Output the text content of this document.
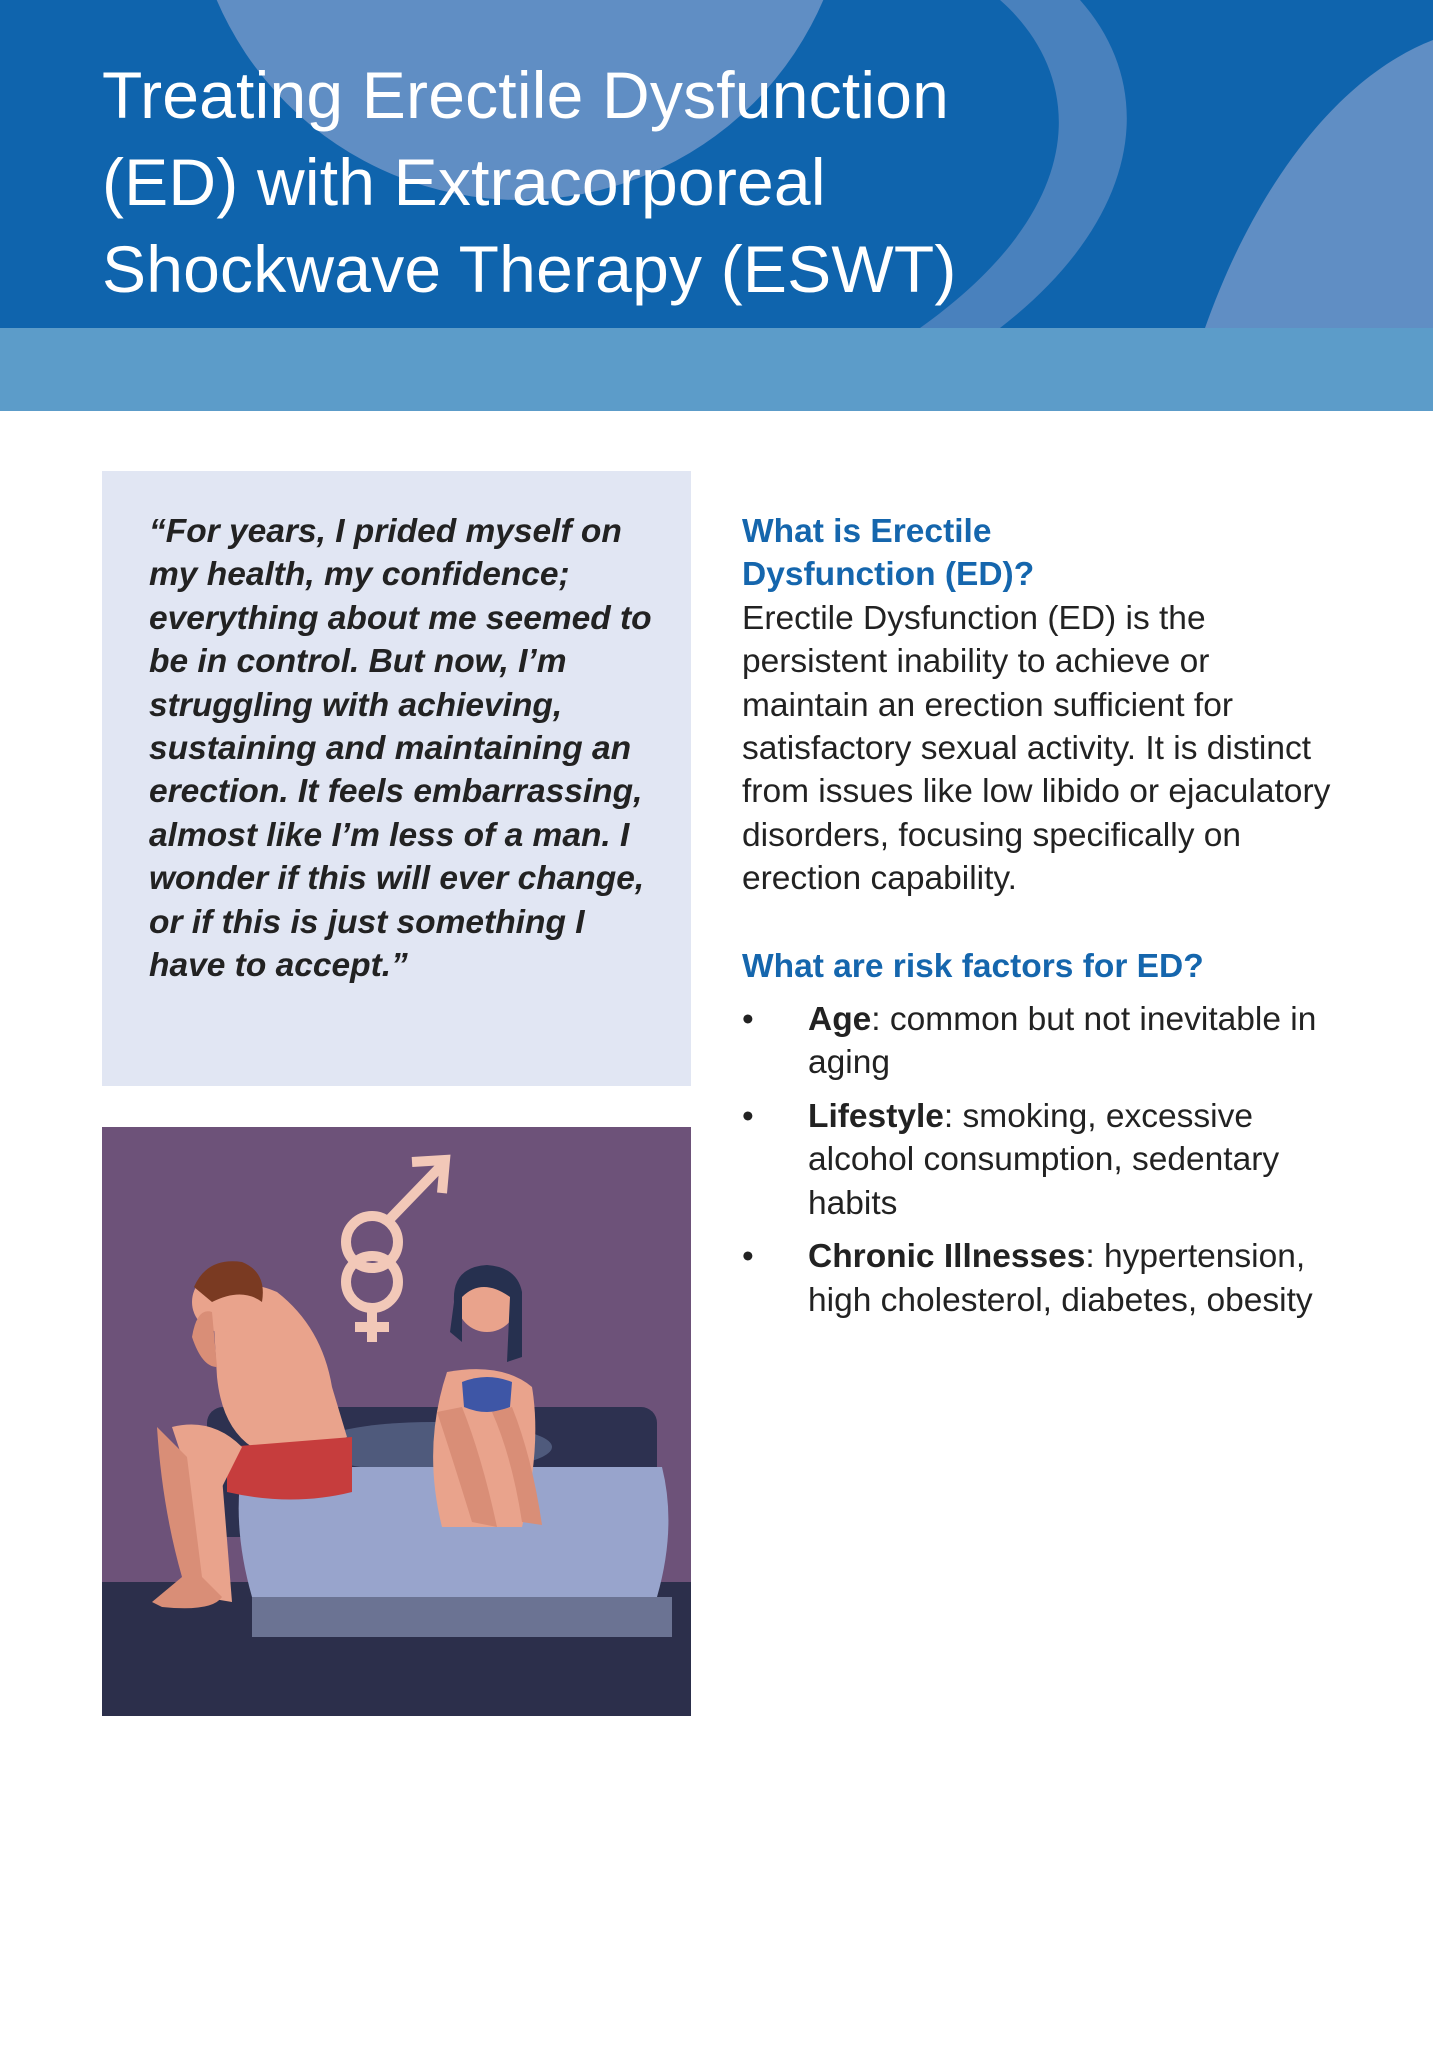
Treating Erectile Dysfunction
(ED) with Extracorporeal
Shockwave Therapy (ESWT)

“For years, I prided myself on my health, my confidence; everything about me seemed to be in control. But now, I’m struggling with achieving, sustaining and maintaining an erection. It feels embarrassing, almost like I’m less of a man. I wonder if this will ever change, or if this is just something I have to accept.”

What is Erectile
Dysfunction (ED)?

Erectile Dysfunction (ED) is the persistent inability to achieve or maintain an erection sufficient for satisfactory sexual activity. It is distinct from issues like low libido or ejaculatory disorders, focusing specifically on erection capability.

What are risk factors for ED?
• Age: common but not inevitable in aging
• Lifestyle: smoking, excessive alcohol consumption, sedentary habits
• Chronic Illnesses: hypertension, high cholesterol, diabetes, obesity
